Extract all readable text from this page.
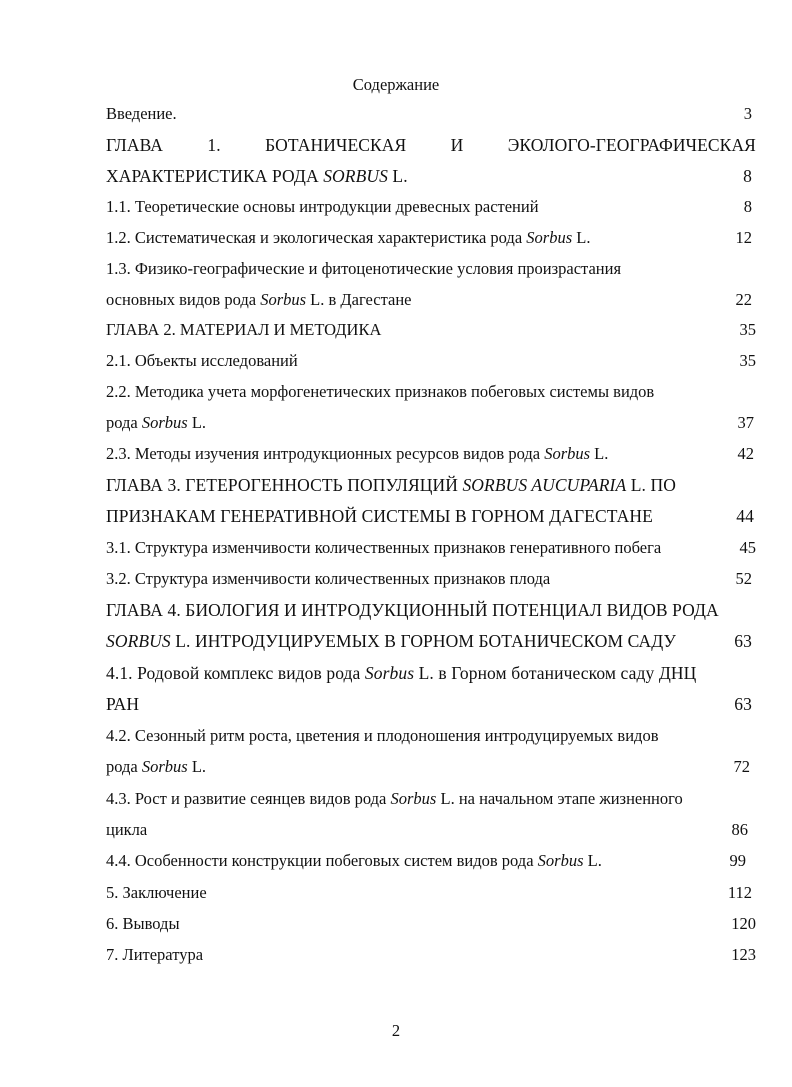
Содержание
Введение.	3
ГЛАВА	1.	БОТАНИЧЕСКАЯ	И	ЭКОЛОГО-ГЕОГРАФИЧЕСКАЯ
ХАРАКТЕРИСТИКА РОДА SORBUS L.	8
1.1. Теоретические основы интродукции древесных растений	8
1.2. Систематическая и экологическая характеристика рода Sorbus L.	12
1.3. Физико-географические и фитоценотические условия произрастания
основных видов рода Sorbus L. в Дагестане	22
ГЛАВА 2. МАТЕРИАЛ И МЕТОДИКА	35
2.1. Объекты исследований	35
2.2. Методика учета морфогенетических признаков побеговых системы видов
рода Sorbus L.	37
2.3. Методы изучения интродукционных ресурсов видов рода Sorbus L.	42
ГЛАВА 3. ГЕТЕРОГЕННОСТЬ ПОПУЛЯЦИЙ SORBUS AUCUPARIA L. ПО
ПРИЗНАКАМ ГЕНЕРАТИВНОЙ СИСТЕМЫ В ГОРНОМ ДАГЕСТАНЕ	44
3.1. Структура изменчивости количественных признаков генеративного побега	45
3.2. Структура изменчивости количественных признаков плода	52
ГЛАВА 4. БИОЛОГИЯ И ИНТРОДУКЦИОННЫЙ ПОТЕНЦИАЛ ВИДОВ РОДА
SORBUS L. ИНТРОДУЦИРУЕМЫХ В ГОРНОМ БОТАНИЧЕСКОМ САДУ	63
4.1. Родовой комплекс видов рода Sorbus L. в Горном ботаническом саду ДНЦ
РАН	63
4.2. Сезонный ритм роста, цветения и плодоношения интродуцируемых видов
рода Sorbus L.	72
4.3. Рост и развитие сеянцев видов рода Sorbus L. на начальном этапе жизненного
цикла	86
4.4. Особенности конструкции побеговых систем видов рода Sorbus L.	99
5. Заключение	112
6. Выводы	120
7. Литература	123
2
